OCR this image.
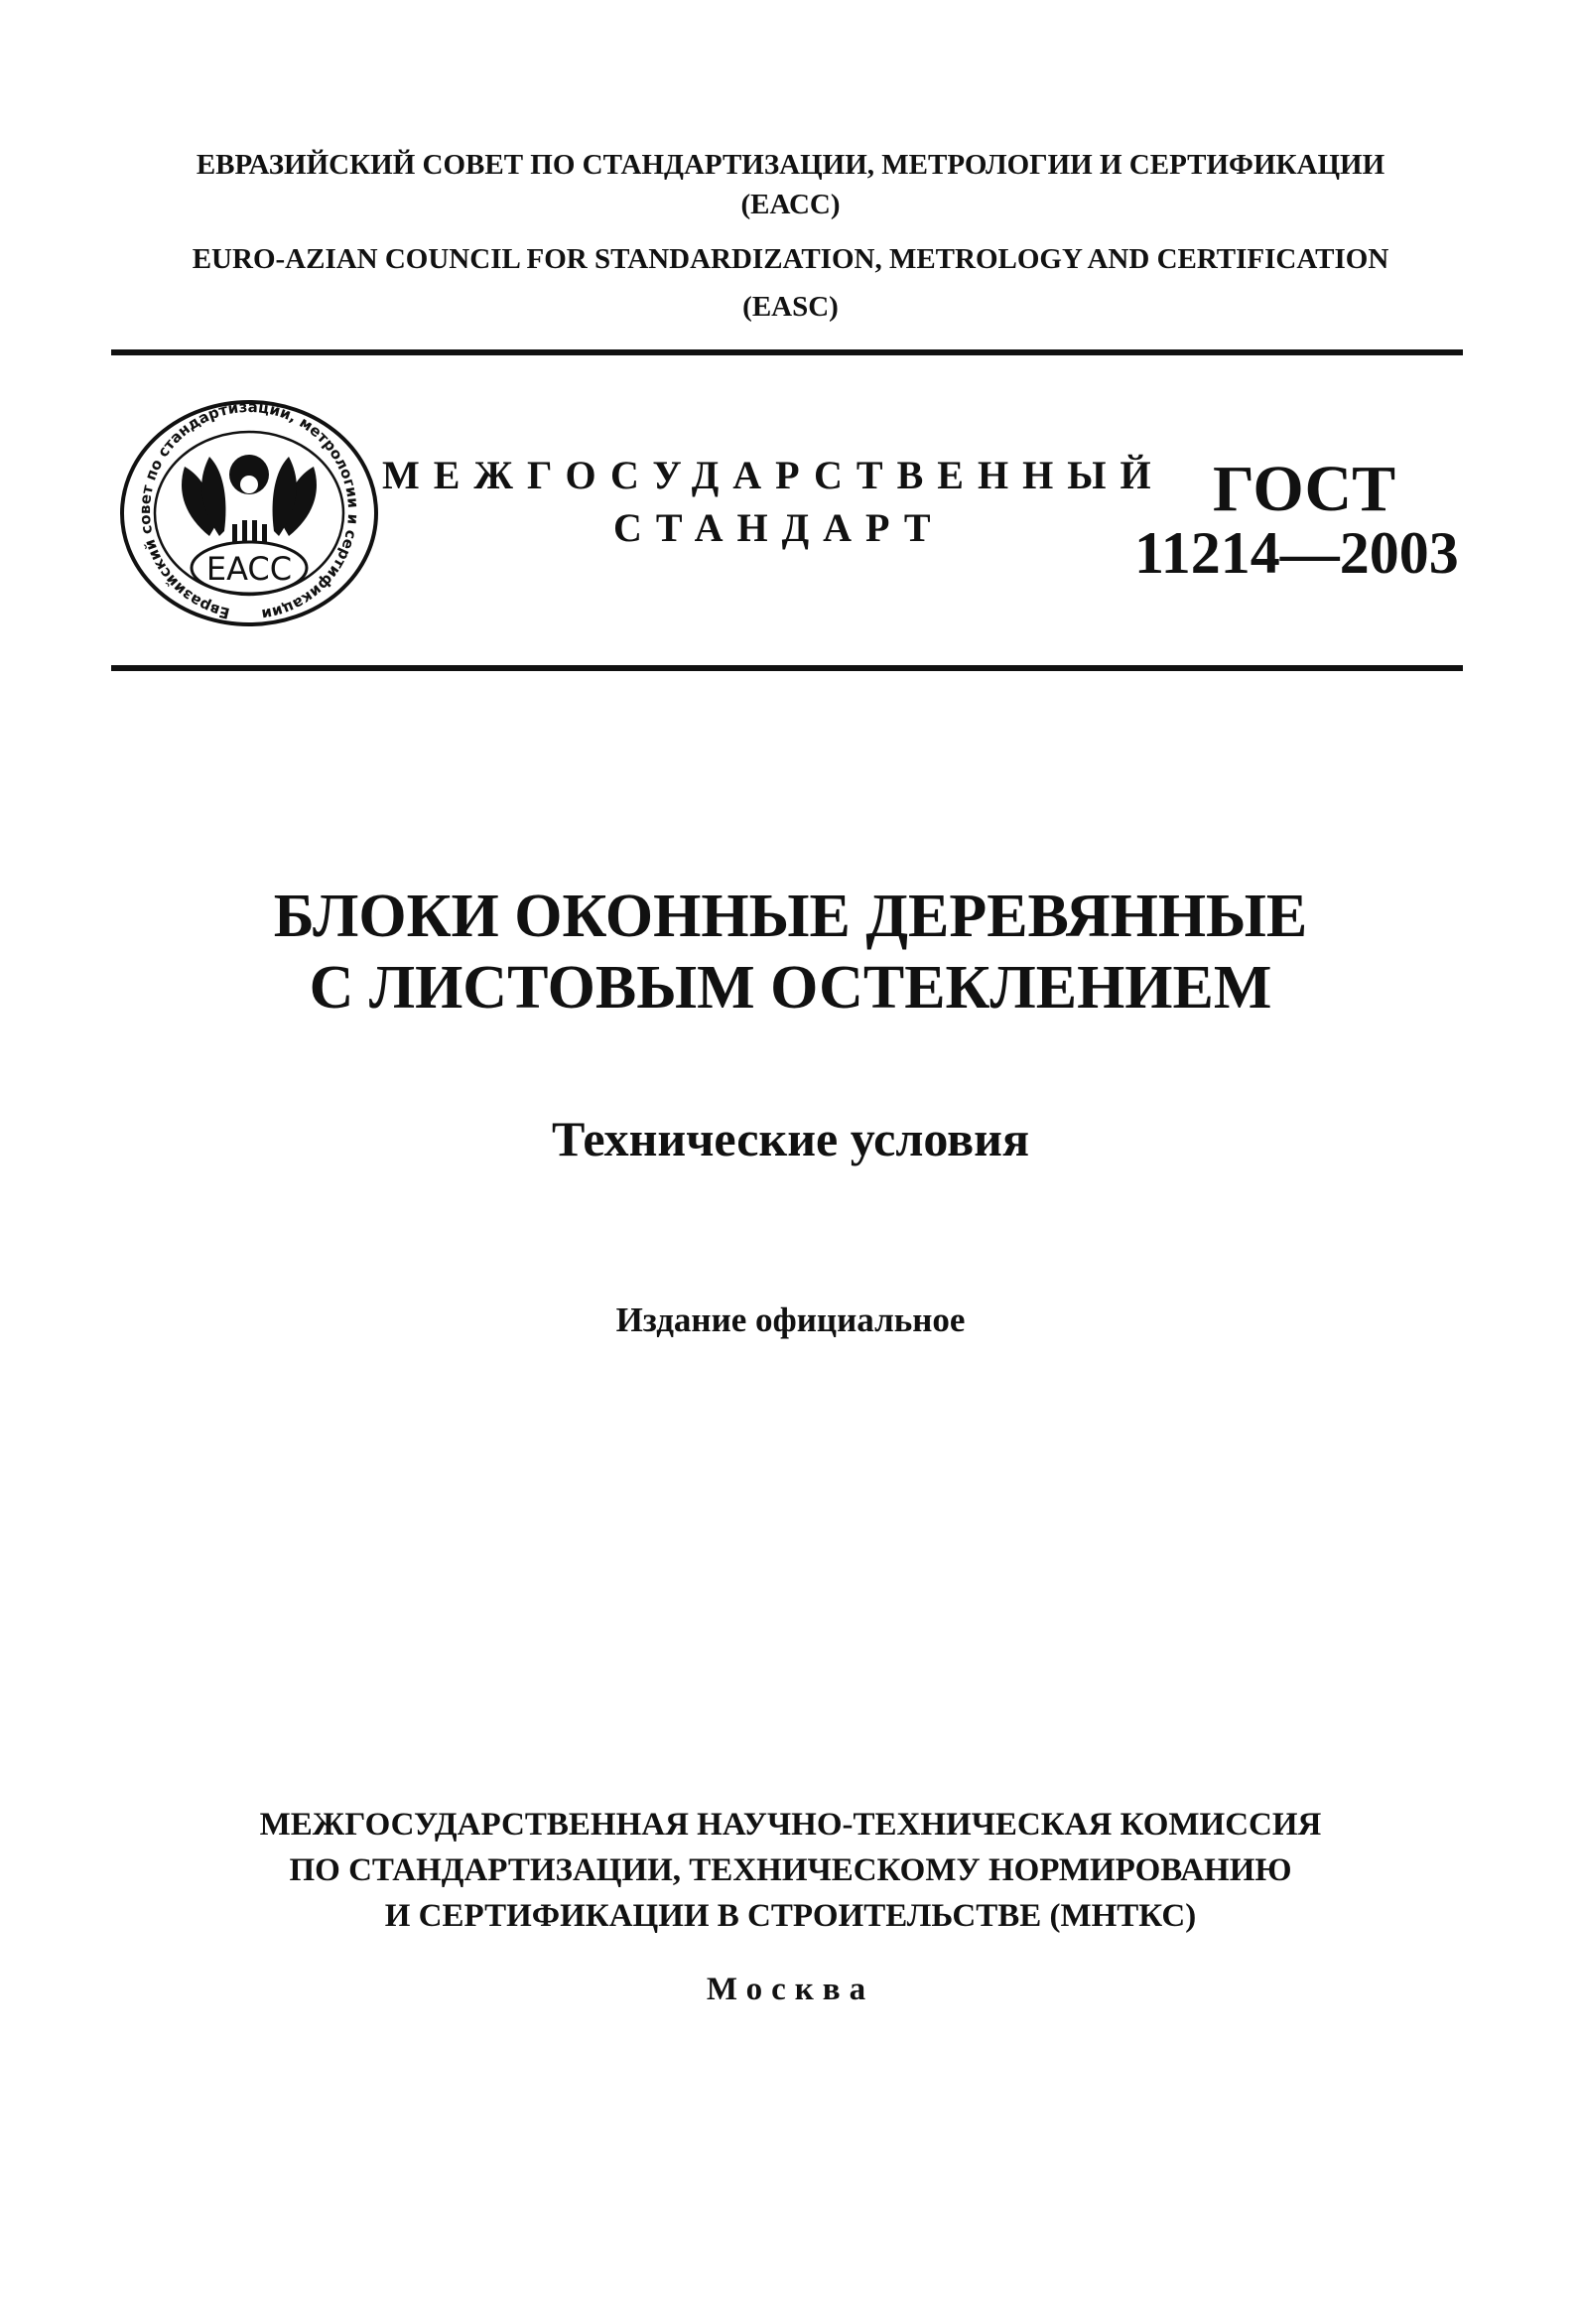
ЕВРАЗИЙСКИЙ СОВЕТ ПО СТАНДАРТИЗАЦИИ, МЕТРОЛОГИИ И СЕРТИФИКАЦИИ
(ЕАСС)
EURO-AZIAN COUNCIL FOR STANDARDIZATION, METROLOGY AND CERTIFICATION
(EASC)
Евразийский совет по стандартизации, метрологии и сертификации
EACC
МЕЖГОСУДАРСТВЕННЫЙ
СТАНДАРТ
ГОСТ
11214—2003
БЛОКИ ОКОННЫЕ ДЕРЕВЯННЫЕ
С ЛИСТОВЫМ ОСТЕКЛЕНИЕМ
Технические условия
Издание официальное
МЕЖГОСУДАРСТВЕННАЯ НАУЧНО-ТЕХНИЧЕСКАЯ КОМИССИЯ
ПО СТАНДАРТИЗАЦИИ, ТЕХНИЧЕСКОМУ НОРМИРОВАНИЮ
И СЕРТИФИКАЦИИ В СТРОИТЕЛЬСТВЕ (МНТКС)
Москва
